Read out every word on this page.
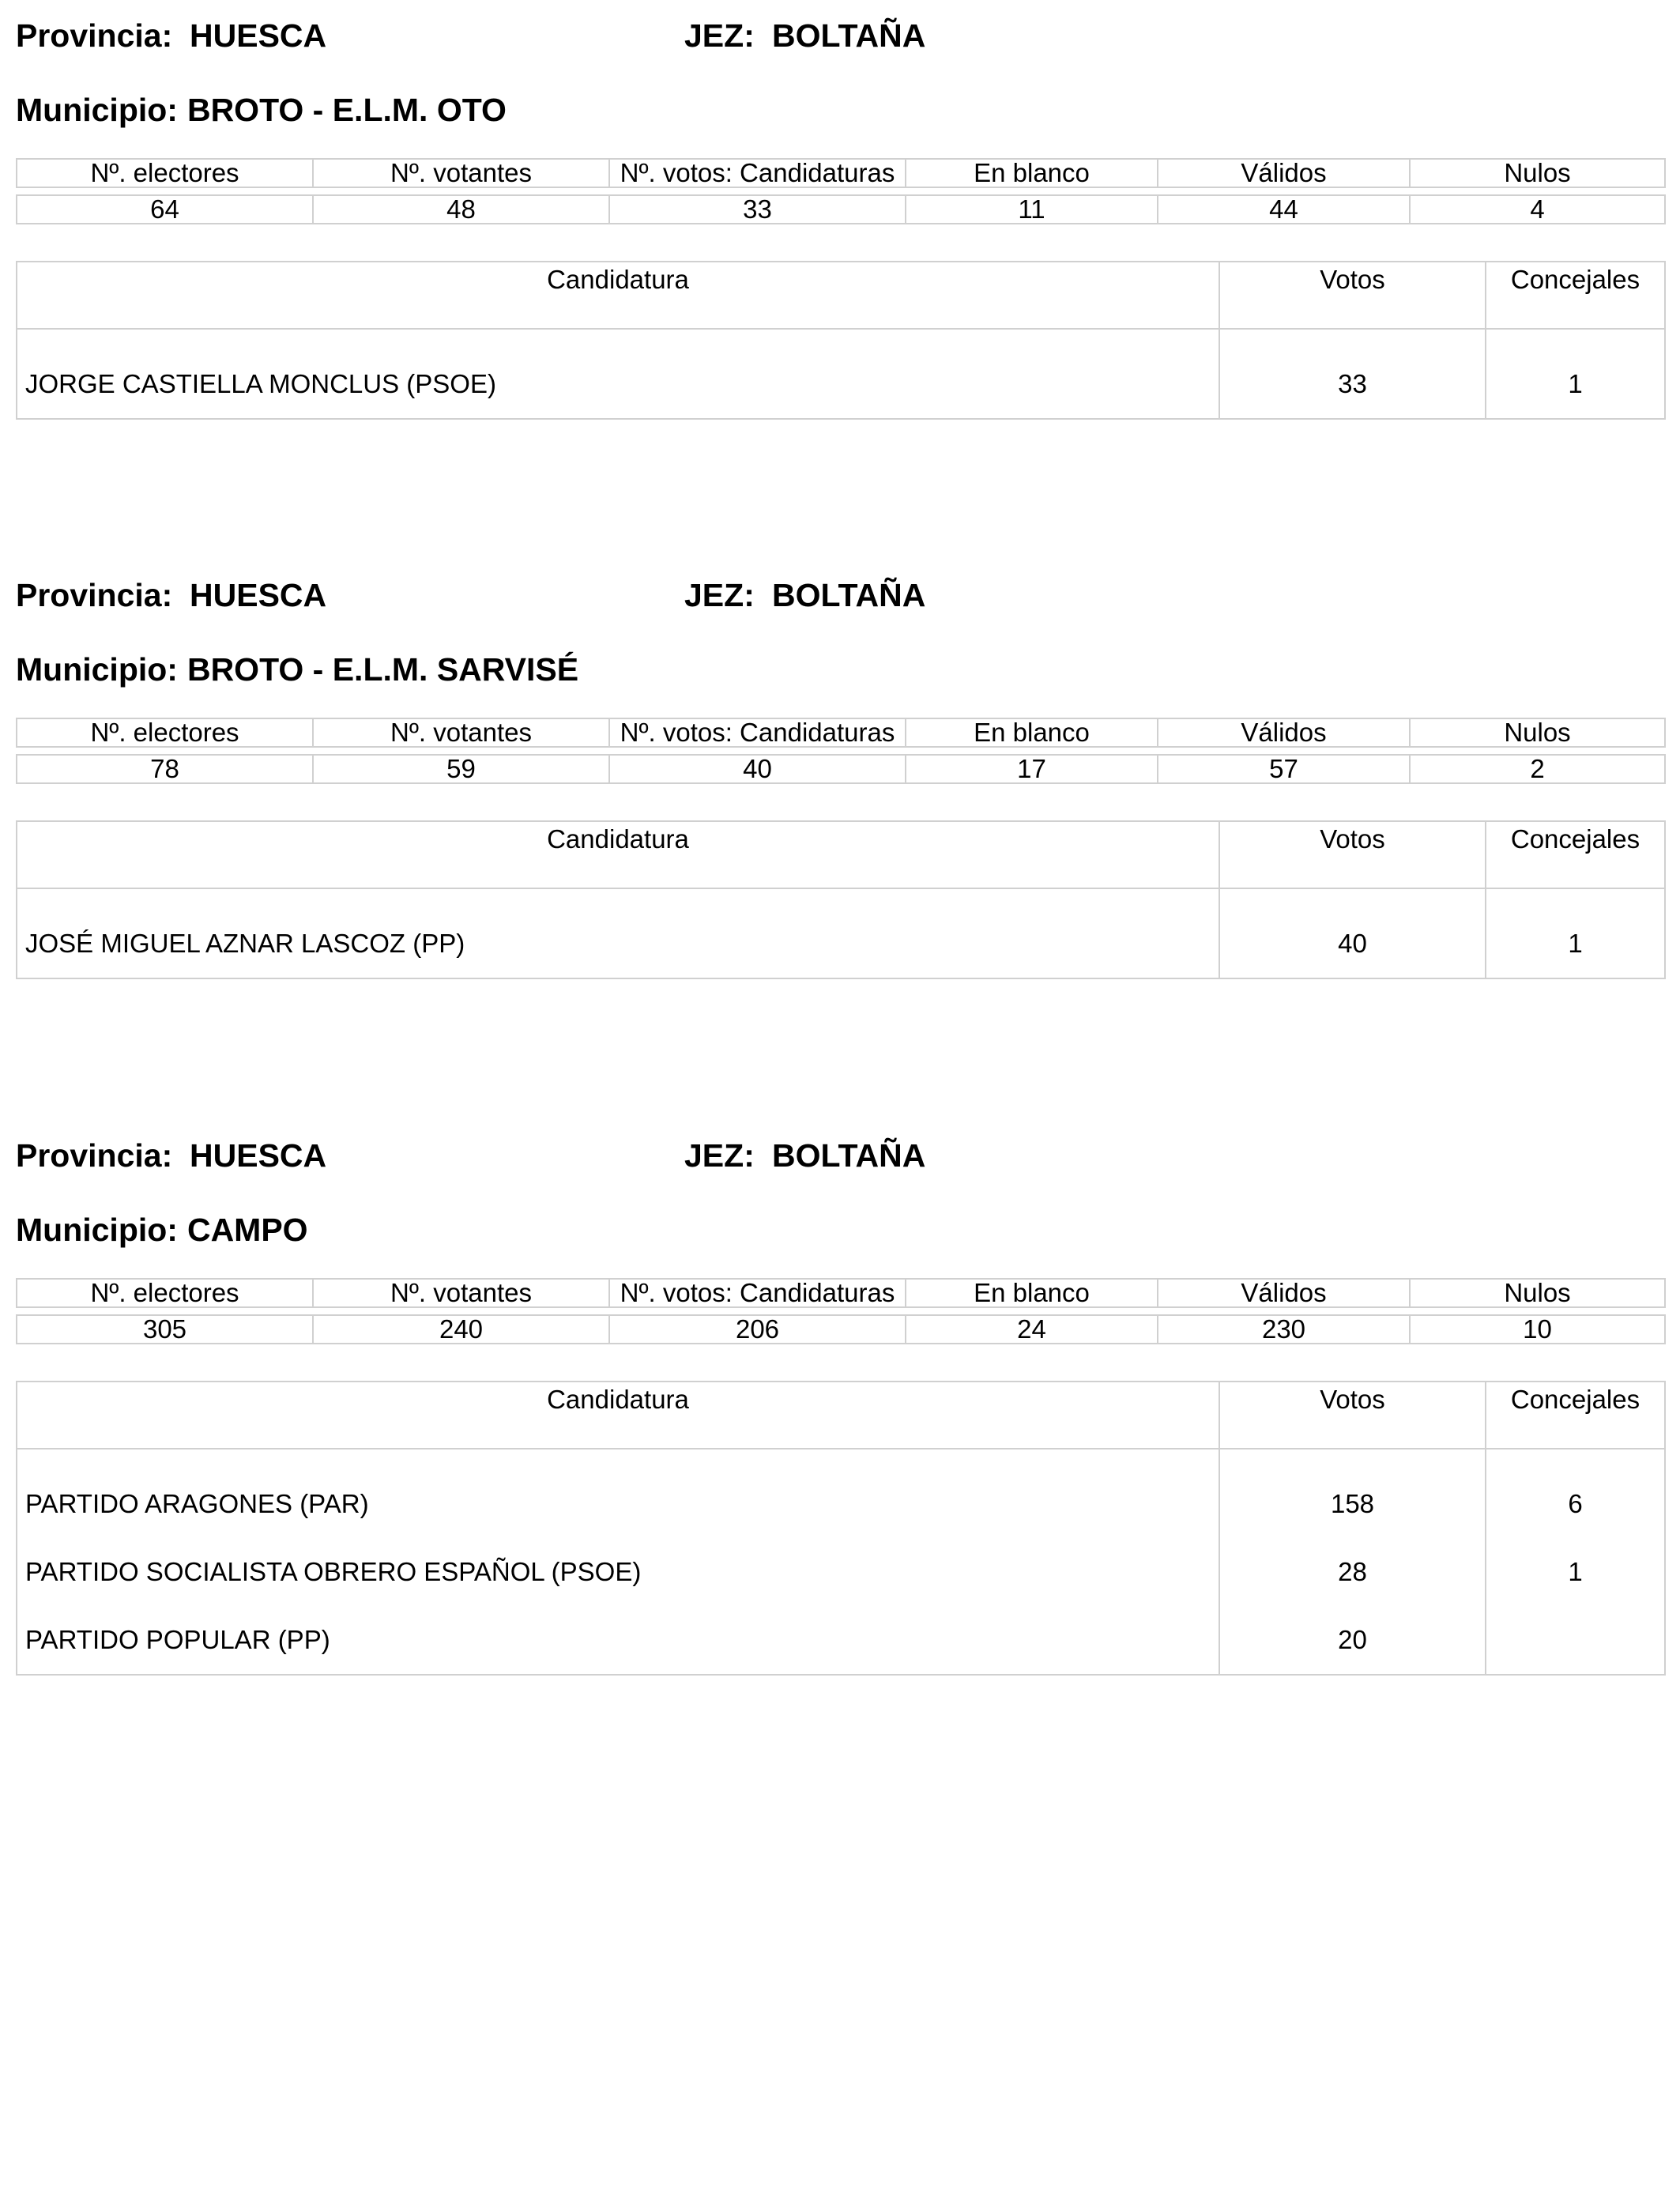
Provincia: HUESCA	JEZ: BOLTAÑA
Municipio: BROTO - E.L.M. OTO
Nº. electores	Nº. votantes	Nº. votos: Candidaturas	En blanco	Válidos	Nulos

64	48	33	11	44	4
Candidatura	Votos	Concejales
JORGE CASTIELLA MONCLUS (PSOE)	33	1
Provincia: HUESCA	JEZ: BOLTAÑA
Municipio: BROTO - E.L.M. SARVISÉ
Nº. electores	Nº. votantes	Nº. votos: Candidaturas	En blanco	Válidos	Nulos

78	59	40	17	57	2
Candidatura	Votos	Concejales
JOSÉ MIGUEL AZNAR LASCOZ (PP)	40	1
Provincia: HUESCA	JEZ: BOLTAÑA
Municipio: CAMPO
Nº. electores	Nº. votantes	Nº. votos: Candidaturas	En blanco	Válidos	Nulos

305	240	206	24	230	10
Candidatura	Votos	Concejales
PARTIDO ARAGONES (PAR)	158	6
PARTIDO SOCIALISTA OBRERO ESPAÑOL (PSOE)	28	1
PARTIDO POPULAR (PP)	20	
